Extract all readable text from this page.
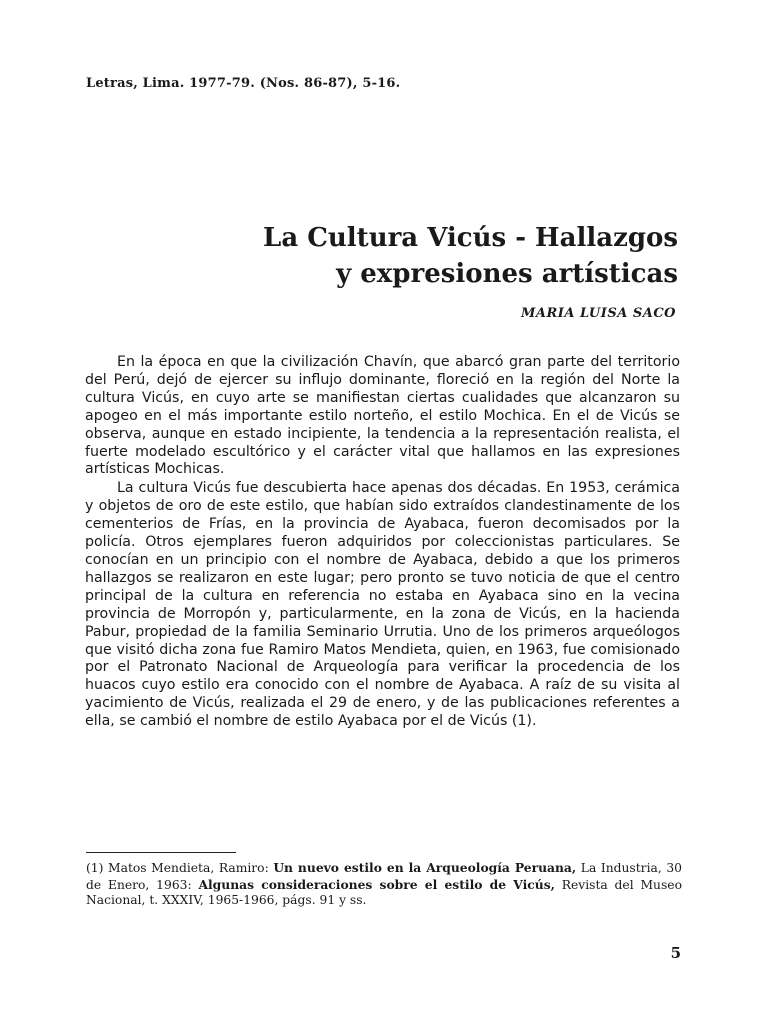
Letras, Lima. 1977-79. (Nos. 86-87), 5-16.
La Cultura Vicús - Hallazgos
y expresiones artísticas
MARIA LUISA SACO

En la época en que la civilización Chavín, que abarcó gran parte del territorio del Perú, dejó de ejercer su influjo dominante, floreció en la región del Norte la cultura Vicús, en cuyo arte se manifiestan ciertas cualidades que alcanzaron su apogeo en el más importante estilo norteño, el estilo Mochica. En el de Vicús se observa, aunque en estado incipiente, la tendencia a la representación realista, el fuerte modelado escultórico y el carácter vital que hallamos en las expresiones artísticas Mochicas.

La cultura Vicús fue descubierta hace apenas dos décadas. En 1953, cerámica y objetos de oro de este estilo, que habían sido extraídos clandestinamente de los cementerios de Frías, en la provincia de Ayabaca, fueron decomisados por la policía. Otros ejemplares fueron adquiridos por coleccionistas particulares. Se conocían en un principio con el nombre de Ayabaca, debido a que los primeros hallazgos se realizaron en este lugar; pero pronto se tuvo noticia de que el centro principal de la cultura en referencia no estaba en Ayabaca sino en la vecina provincia de Morropón y, particularmente, en la zona de Vicús, en la hacienda Pabur, propiedad de la familia Seminario Urrutia. Uno de los primeros arqueólogos que visitó dicha zona fue Ramiro Matos Mendieta, quien, en 1963, fue comisionado por el Patronato Nacional de Arqueología para verificar la procedencia de los huacos cuyo estilo era conocido con el nombre de Ayabaca. A raíz de su visita al yacimiento de Vicús, realizada el 29 de enero, y de las publicaciones referentes a ella, se cambió el nombre de estilo Ayabaca por el de Vicús (1).

(1) Matos Mendieta, Ramiro: Un nuevo estilo en la Arqueología Peruana, La Industria, 30 de Enero, 1963: Algunas consideraciones sobre el estilo de Vicús, Revista del Museo Nacional, t. XXXIV, 1965-1966, págs. 91 y ss.
5
